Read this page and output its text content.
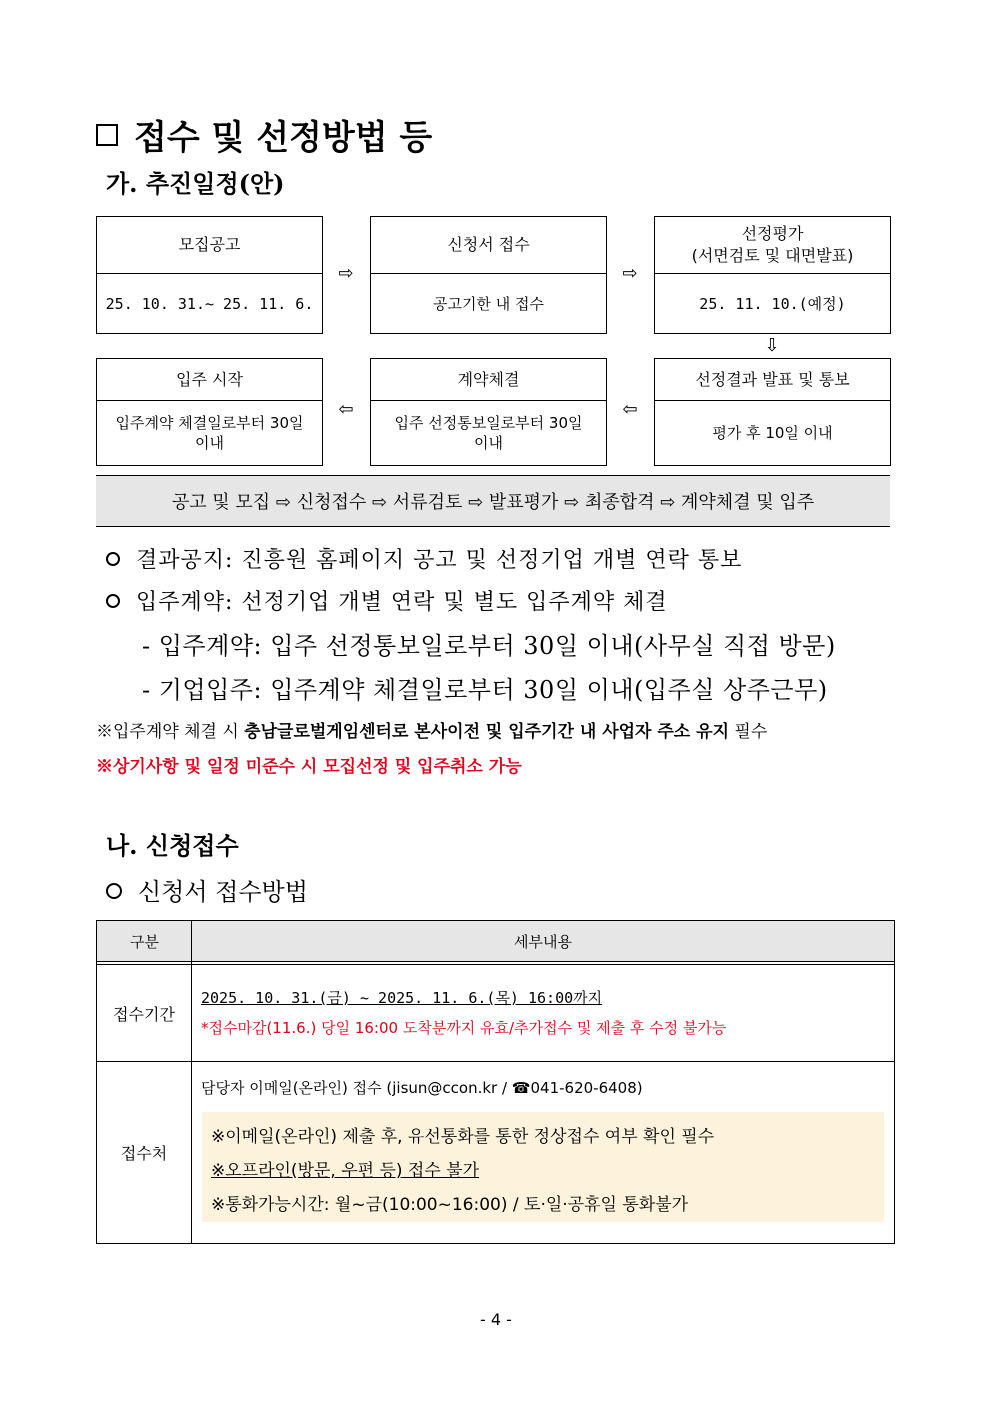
접수 및 선정방법 등
가. 추진일정(안)
모집공고
25. 10. 31.~ 25. 11. 6.
⇨
신청서 접수
공고기한 내 접수
⇨
선정평가
(서면검토 및 대면발표)
25. 11. 10.(예정)
⇩
입주 시작
입주계약 체결일로부터 30일
이내
⇦
계약체결
입주 선정통보일로부터 30일
이내
⇦
선정결과 발표 및 통보
평가 후 10일 이내
공고 및 모집 ⇨ 신청접수 ⇨ 서류검토 ⇨ 발표평가 ⇨ 최종합격 ⇨ 계약체결 및 입주
결과공지: 진흥원 홈페이지 공고 및 선정기업 개별 연락 통보
입주계약: 선정기업 개별 연락 및 별도 입주계약 체결
- 입주계약: 입주 선정통보일로부터 30일 이내(사무실 직접 방문)
- 기업입주: 입주계약 체결일로부터 30일 이내(입주실 상주근무)
※입주계약 체결 시 충남글로벌게임센터로 본사이전 및 입주기간 내 사업자 주소 유지 필수
※상기사항 및 일정 미준수 시 모집선정 및 입주취소 가능
나. 신청접수
신청서 접수방법
구분	세부내용
접수기간
2025. 10. 31.(금) ~ 2025. 11. 6.(목) 16:00까지
*접수마감(11.6.) 당일 16:00 도착분까지 유효/추가접수 및 제출 후 수정 불가능
접수처
담당자 이메일(온라인) 접수 (jisun@ccon.kr / ☎041-620-6408)
※이메일(온라인) 제출 후, 유선통화를 통한 정상접수 여부 확인 필수
※오프라인(방문, 우편 등) 접수 불가
※통화가능시간: 월~금(10:00~16:00) / 토·일·공휴일 통화불가
- 4 -
